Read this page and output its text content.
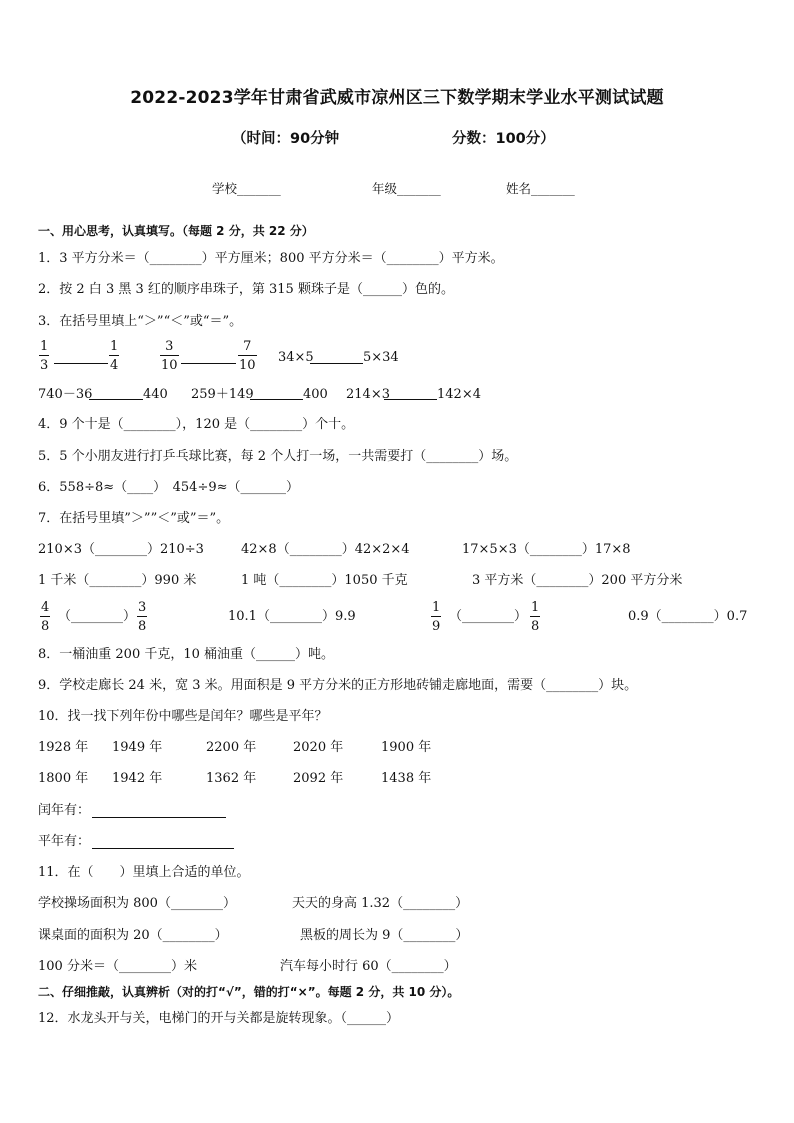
2022-2023学年甘肃省武威市凉州区三下数学期末学业水平测试试题
（时间：90分钟	分数：100分）
学校_______	年级_______	姓名_______
一、用心思考，认真填写。（每题 2 分，共 22 分）
1．3 平方分米＝（________）平方厘米；800 平方分米＝（________）平方米。
2．按 2 白 3 黑 3 红的顺序串珠子，第 315 颗珠子是（______）色的。
3．在括号里填上“＞”“＜”或“＝”。
$\frac{1}{3}$	$\frac{1}{4}$	$\frac{3}{10}$	$\frac{7}{10} 34\times 5$	5×34
740－36	440 259＋149	400 214×3	142×4
4．9 个十是（________），120 是（________）个十。
5．5 个小朋友进行打乒乓球比赛，每 2 个人打一场，一共需要打（________）场。
6．558÷8≈（____）　454÷9≈（_______）
7．在括号里填”＞””＜”或”＝”。
210×3（________）210÷3	42×8（________）42×2×4	17×5×3（________）17×8
1 千米（________）990 米	1 吨（________）1050 千克	3 平方米（________）200 平方分米
$\frac{4}{8}$ （________） $\frac{3}{8}$	10.1（________）9.9	$\frac{1}{9}$ （________） $\frac{1}{8}$	0.9（________）0.7
8．一桶油重 200 千克，10 桶油重（______）吨。
9．学校走廊长 24 米，宽 3 米。用面积是 9 平方分米的正方形地砖铺走廊地面，需要（________）块。
10．找一找下列年份中哪些是闰年？哪些是平年？
1928 年 1949 年	2200 年	2020 年	1900 年
1800 年 1942 年	1362 年	2092 年	1438 年
闰年有：
平年有：
11．在（　　）里填上合适的单位。
学校操场面积为 800（________）	天天的身高 1.32（________）
课桌面的面积为 20（________）	黑板的周长为 9（________）
100 分米＝（________）米	汽车每小时行 60（________）
二、仔细推敲，认真辨析（对的打“√”，错的打“×”。每题 2 分，共 10 分）。
12．水龙头开与关，电梯门的开与关都是旋转现象。（______）
